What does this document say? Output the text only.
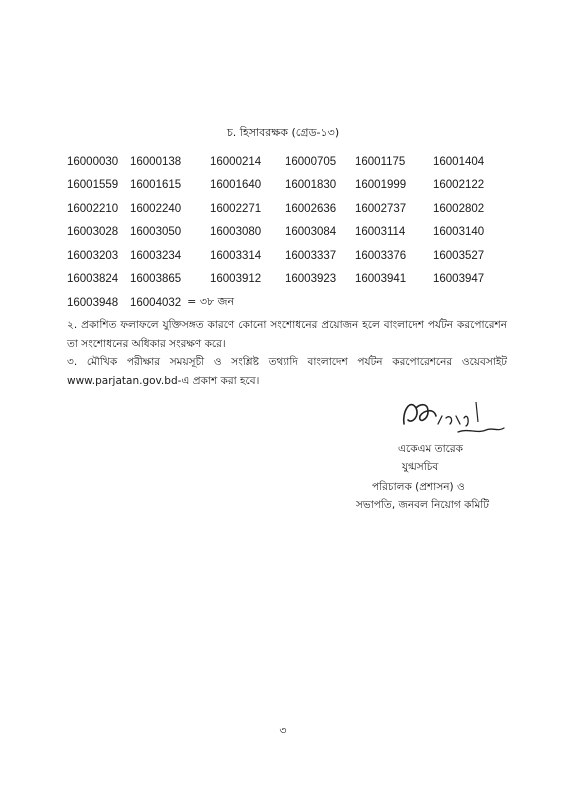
চ. হিসাবরক্ষক (গ্রেড-১৩)
16000030	16000138	16000214	16000705	16001175	16001404
16001559	16001615	16001640	16001830	16001999	16002122
16002210	16002240	16002271	16002636	16002737	16002802
16003028	16003050	16003080	16003084	16003114	16003140
16003203	16003234	16003314	16003337	16003376	16003527
16003824	16003865	16003912	16003923	16003941	16003947
16003948	16004032 = ৩৮ জন
২. প্রকাশিত ফলাফলে যুক্তিসঙ্গত কারণে কোনো সংশোধনের প্রয়োজন হলে বাংলাদেশ পর্যটন করপোরেশন তা সংশোধনের অধিকার সংরক্ষণ করে।
৩. মৌখিক পরীক্ষার সময়সূচী ও সংশ্লিষ্ট তথ্যাদি বাংলাদেশ পর্যটন করপোরেশনের ওয়েবসাইট www.parjatan.gov.bd-এ প্রকাশ করা হবে।
একেএম তারেক
যুগ্মসচিব
পরিচালক (প্রশাসন) ও
সভাপতি, জনবল নিয়োগ কমিটি
৩
